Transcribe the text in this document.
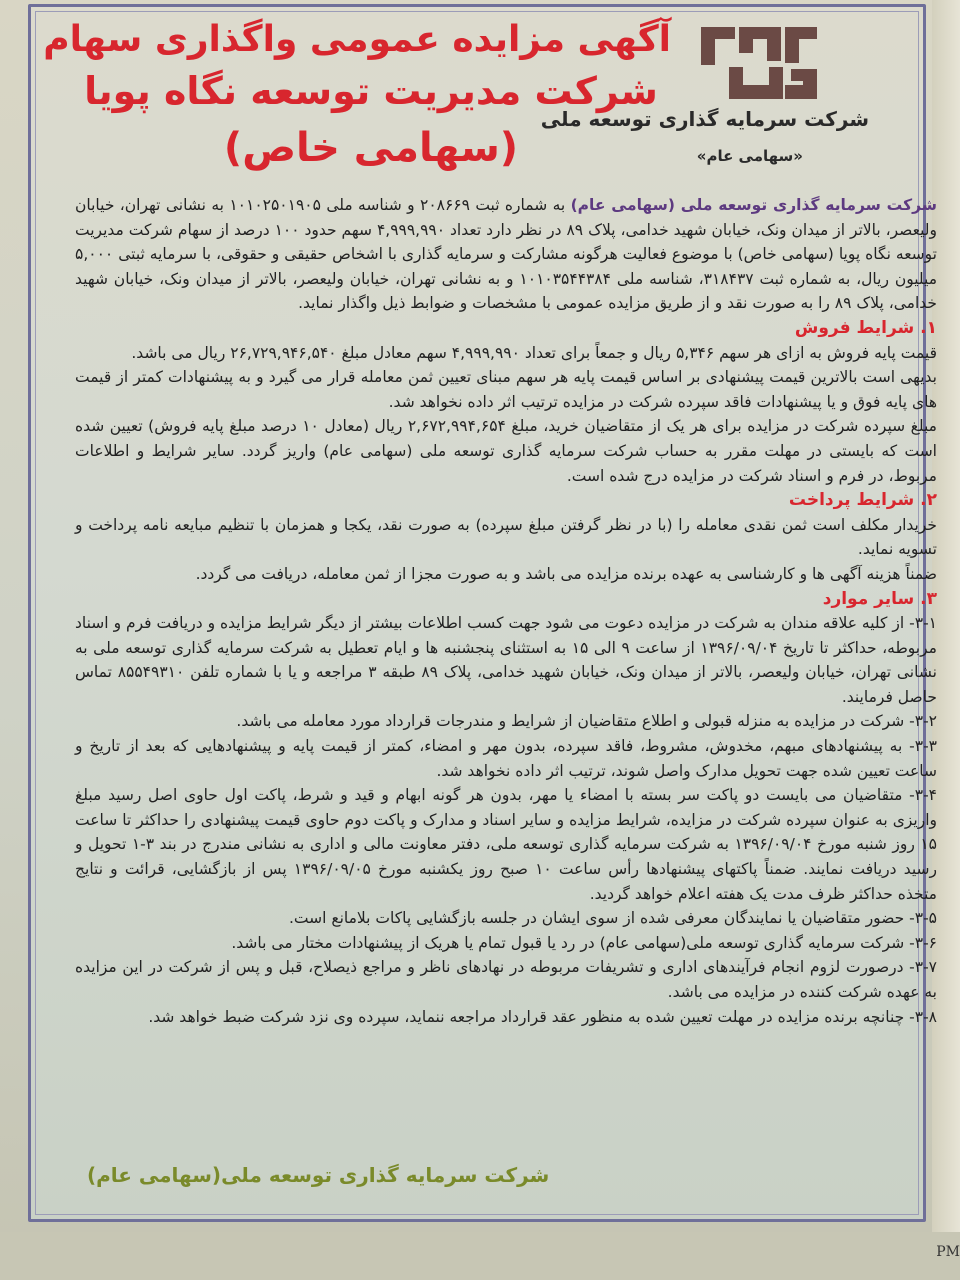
شرکت سرمایه گذاری توسعه ملی
«سهامی عام»
آگهی مزایده عمومی واگذاری سهام
شرکت مدیریت توسعه نگاه پویا
(سهامی خاص)

شرکت سرمایه گذاری توسعه ملی (سهامی عام) به شماره ثبت ۲۰۸۶۶۹ و شناسه ملی ۱۰۱۰۲۵۰۱۹۰۵ به نشانی تهران، خیابان ولیعصر، بالاتر از میدان ونک، خیابان شهید خدامی، پلاک ۸۹ در نظر دارد تعداد ۴,۹۹۹,۹۹۰ سهم حدود ۱۰۰ درصد از سهام شرکت مدیریت توسعه نگاه پویا (سهامی خاص) با موضوع فعالیت هرگونه مشارکت و سرمایه گذاری با اشخاص حقیقی و حقوقی، با سرمایه ثبتی ۵,۰۰۰ میلیون ریال، به شماره ثبت ۳۱۸۴۳۷، شناسه ملی ۱۰۱۰۳۵۴۴۳۸۴ و به نشانی تهران، خیابان ولیعصر، بالاتر از میدان ونک، خیابان شهید خدامی، پلاک ۸۹ را به صورت نقد و از طریق مزایده عمومی با مشخصات و ضوابط ذیل واگذار نماید.

۱. شرایط فروش

قیمت پایه فروش به ازای هر سهم ۵,۳۴۶ ریال و جمعاً برای تعداد ۴,۹۹۹,۹۹۰ سهم معادل مبلغ ۲۶,۷۲۹,۹۴۶,۵۴۰ ریال می باشد.

بدیهی است بالاترین قیمت پیشنهادی بر اساس قیمت پایه هر سهم مبنای تعیین ثمن معامله قرار می گیرد و به پیشنهادات کمتر از قیمت های پایه فوق و یا پیشنهادات فاقد سپرده شرکت در مزایده ترتیب اثر داده نخواهد شد.

مبلغ سپرده شرکت در مزایده برای هر یک از متقاضیان خرید، مبلغ ۲,۶۷۲,۹۹۴,۶۵۴ ریال (معادل ۱۰ درصد مبلغ پایه فروش) تعیین شده است که بایستی در مهلت مقرر به حساب شرکت سرمایه گذاری توسعه ملی (سهامی عام) واریز گردد. سایر شرایط و اطلاعات مربوط، در فرم و اسناد شرکت در مزایده درج شده است.

۲. شرایط پرداخت

خریدار مکلف است ثمن نقدی معامله را (با در نظر گرفتن مبلغ سپرده) به صورت نقد، یکجا و همزمان با تنظیم مبایعه نامه پرداخت و تسویه نماید.

ضمناً هزینه آگهی ها و کارشناسی به عهده برنده مزایده می باشد و به صورت مجزا از ثمن معامله، دریافت می گردد.

۳. سایر موارد

۳-۱- از کلیه علاقه مندان به شرکت در مزایده دعوت می شود جهت کسب اطلاعات بیشتر از دیگر شرایط مزایده و دریافت فرم و اسناد مربوطه، حداکثر تا تاریخ ۱۳۹۶/۰۹/۰۴ از ساعت ۹ الی ۱۵ به استثنای پنجشنبه ها و ایام تعطیل به شرکت سرمایه گذاری توسعه ملی به نشانی تهران، خیابان ولیعصر، بالاتر از میدان ونک، خیابان شهید خدامی، پلاک ۸۹ طبقه ۳ مراجعه و یا با شماره تلفن ۸۵۵۴۹۳۱۰ تماس حاصل فرمایند.

۳-۲- شرکت در مزایده به منزله قبولی و اطلاع متقاضیان از شرایط و مندرجات قرارداد مورد معامله می باشد.

۳-۳- به پیشنهادهای مبهم، مخدوش، مشروط، فاقد سپرده، بدون مهر و امضاء، کمتر از قیمت پایه و پیشنهادهایی که بعد از تاریخ و ساعت تعیین شده جهت تحویل مدارک واصل شوند، ترتیب اثر داده نخواهد شد.

۳-۴- متقاضیان می بایست دو پاکت سر بسته با امضاء یا مهر، بدون هر گونه ابهام و قید و شرط، پاکت اول حاوی اصل رسید مبلغ واریزی به عنوان سپرده شرکت در مزایده، شرایط مزایده و سایر اسناد و مدارک و پاکت دوم حاوی قیمت پیشنهادی را حداکثر تا ساعت ۱۵ روز شنبه مورخ ۱۳۹۶/۰۹/۰۴ به شرکت سرمایه گذاری توسعه ملی، دفتر معاونت مالی و اداری به نشانی مندرج در بند ۳-۱ تحویل و رسید دریافت نمایند. ضمناً پاکتهای پیشنهادها رأس ساعت ۱۰ صبح روز یکشنبه مورخ ۱۳۹۶/۰۹/۰۵ پس از بازگشایی، قرائت و نتایج متخذه حداکثر ظرف مدت یک هفته اعلام خواهد گردید.

۳-۵- حضور متقاضیان یا نمایندگان معرفی شده از سوی ایشان در جلسه بازگشایی پاکات بلامانع است.

۳-۶- شرکت سرمایه گذاری توسعه ملی(سهامی عام) در رد یا قبول تمام یا هریک از پیشنهادات مختار می باشد.

۳-۷- درصورت لزوم انجام فرآیندهای اداری و تشریفات مربوطه در نهادهای ناظر و مراجع ذیصلاح، قبل و پس از شرکت در این مزایده به عهده شرکت کننده در مزایده می باشد.

۳-۸- چنانچه برنده مزایده در مهلت تعیین شده به منظور عقد قرارداد مراجعه ننماید، سپرده وی نزد شرکت ضبط خواهد شد.

شرکت سرمایه گذاری توسعه ملی(سهامی عام)
PM
